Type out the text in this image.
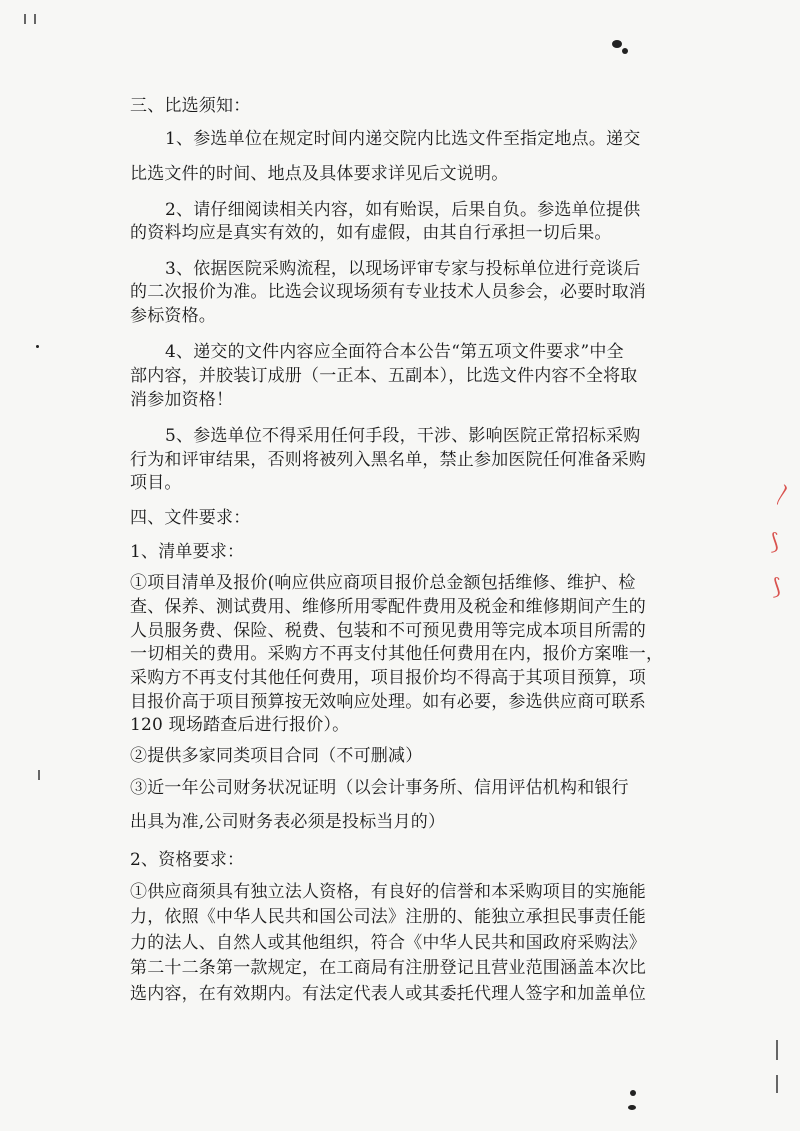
三、比选须知：
1、参选单位在规定时间内递交院内比选文件至指定地点。递交
比选文件的时间、地点及具体要求详见后文说明。
2、请仔细阅读相关内容，如有贻误，后果自负。参选单位提供
的资料均应是真实有效的，如有虚假，由其自行承担一切后果。
3、依据医院采购流程，以现场评审专家与投标单位进行竞谈后
的二次报价为准。比选会议现场须有专业技术人员参会，必要时取消
参标资格。
4、递交的文件内容应全面符合本公告“第五项文件要求”中全
部内容，并胶装订成册（一正本、五副本），比选文件内容不全将取
消参加资格！
5、参选单位不得采用任何手段，干涉、影响医院正常招标采购
行为和评审结果，否则将被列入黑名单，禁止参加医院任何准备采购
项目。
四、文件要求：
1、清单要求：
①项目清单及报价(响应供应商项目报价总金额包括维修、维护、检
查、保养、测试费用、维修所用零配件费用及税金和维修期间产生的
人员服务费、保险、税费、包装和不可预见费用等完成本项目所需的
一切相关的费用。采购方不再支付其他任何费用在内，报价方案唯一，
采购方不再支付其他任何费用，项目报价均不得高于其项目预算，项
目报价高于项目预算按无效响应处理。如有必要，参选供应商可联系
120 现场踏查后进行报价）。
②提供多家同类项目合同（不可删减）
③近一年公司财务状况证明（以会计事务所、信用评估机构和银行
出具为准,公司财务表必须是投标当月的）
2、资格要求：
①供应商须具有独立法人资格，有良好的信誉和本采购项目的实施能
力，依照《中华人民共和国公司法》注册的、能独立承担民事责任能
力的法人、自然人或其他组织，符合《中华人民共和国政府采购法》
第二十二条第一款规定，在工商局有注册登记且营业范围涵盖本次比
选内容，在有效期内。有法定代表人或其委托代理人签字和加盖单位
〳
⟆
⟆
